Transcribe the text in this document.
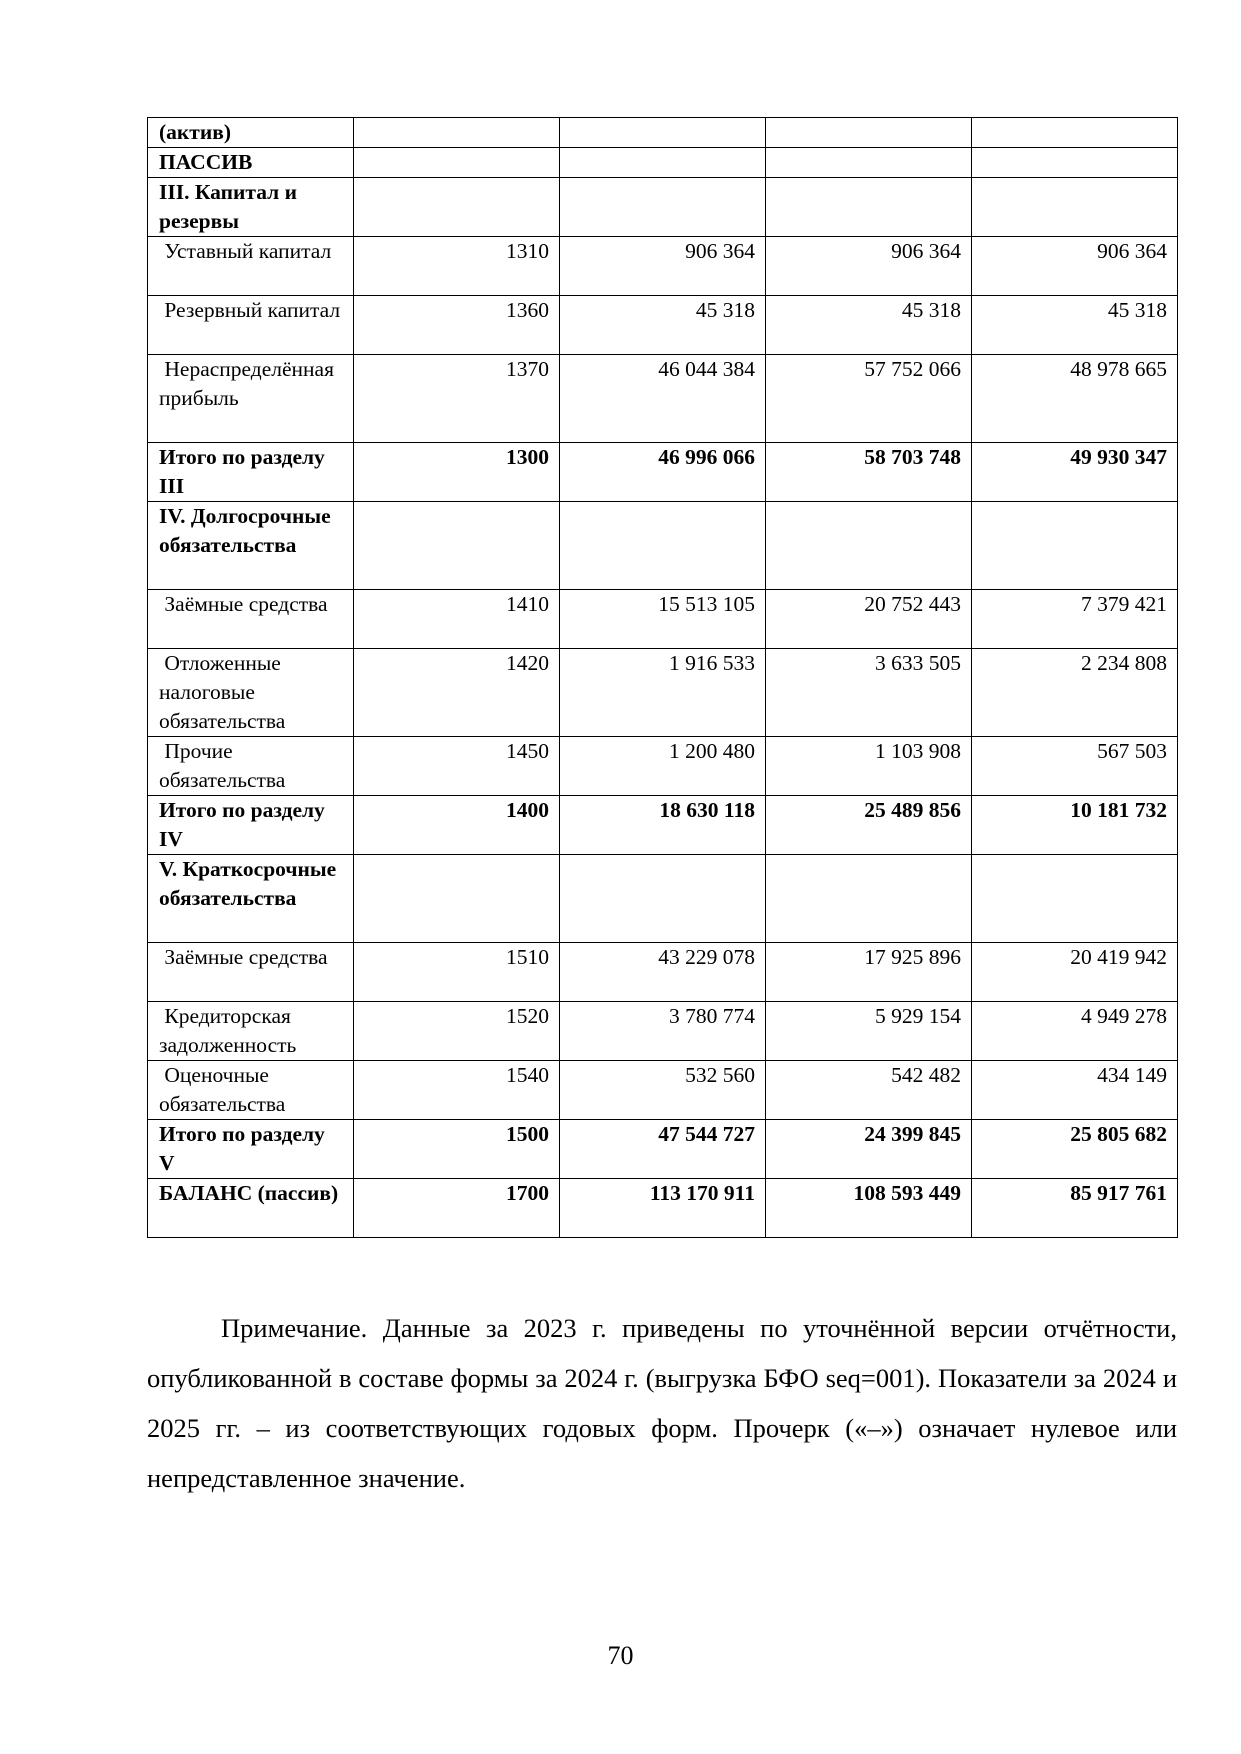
(актив)				
ПАССИВ				
III. Капитал и резервы				
Уставный капитал	1310	906 364	906 364	906 364
Резервный капитал	1360	45 318	45 318	45 318
Нераспределённая прибыль	1370	46 044 384	57 752 066	48 978 665
Итого по разделу III	1300	46 996 066	58 703 748	49 930 347
IV. Долгосрочные обязательства				
Заёмные средства	1410	15 513 105	20 752 443	7 379 421
Отложенные налоговые обязательства	1420	1 916 533	3 633 505	2 234 808
Прочие обязательства	1450	1 200 480	1 103 908	567 503
Итого по разделу IV	1400	18 630 118	25 489 856	10 181 732
V. Краткосрочные обязательства				
Заёмные средства	1510	43 229 078	17 925 896	20 419 942
Кредиторская задолженность	1520	3 780 774	5 929 154	4 949 278
Оценочные обязательства	1540	532 560	542 482	434 149
Итого по разделу V	1500	47 544 727	24 399 845	25 805 682
БАЛАНС (пассив)	1700	113 170 911	108 593 449	85 917 761

Примечание. Данные за 2023 г. приведены по уточнённой версии отчётности, опубликованной в составе формы за 2024 г. (выгрузка БФО seq=001). Показатели за 2024 и 2025 гг. – из соответствующих годовых форм. Прочерк («–») означает нулевое или непредставленное значение.

70
